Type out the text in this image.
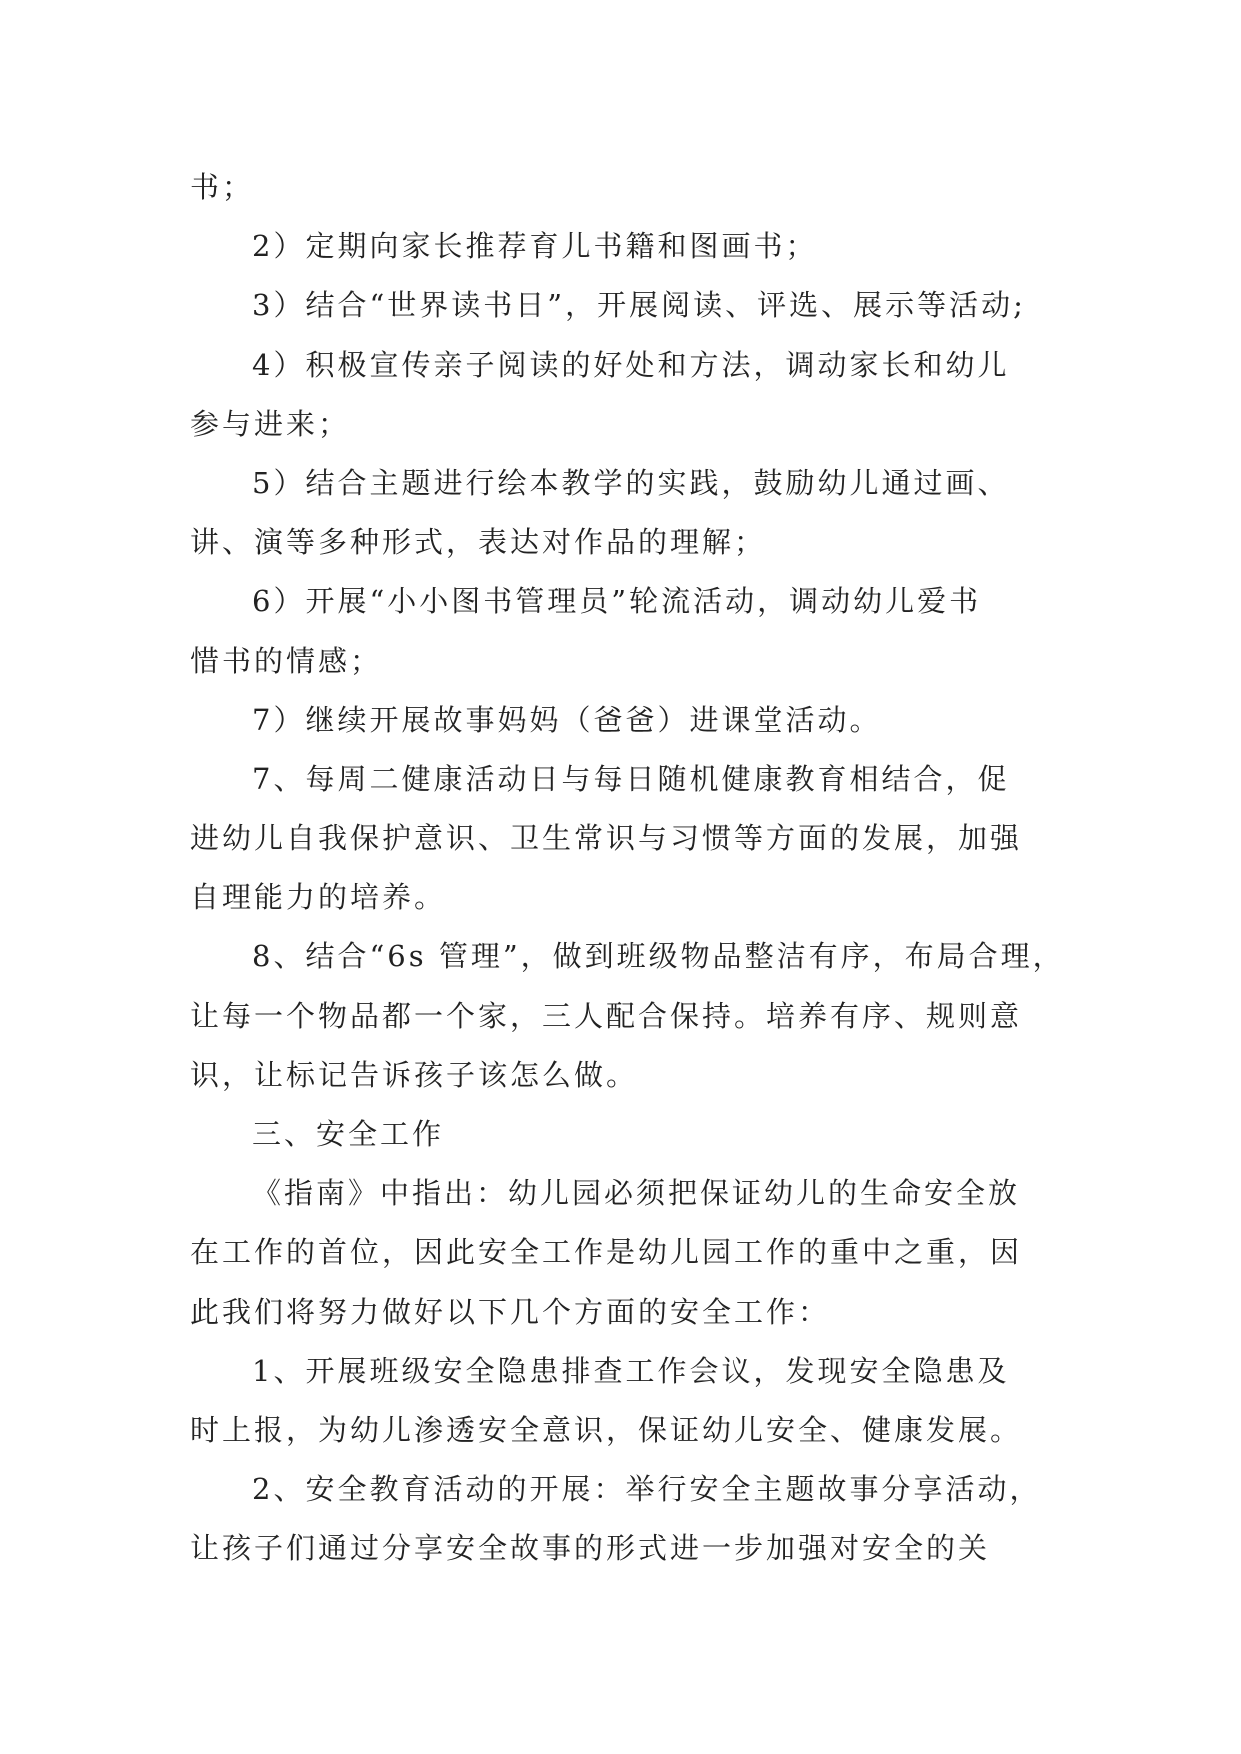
书；
2）定期向家长推荐育儿书籍和图画书；
3）结合“世界读书日”，开展阅读、评选、展示等活动;
4）积极宣传亲子阅读的好处和方法，调动家长和幼儿
参与进来；
5）结合主题进行绘本教学的实践，鼓励幼儿通过画、
讲、演等多种形式，表达对作品的理解；
6）开展“小小图书管理员”轮流活动，调动幼儿爱书
惜书的情感；
7）继续开展故事妈妈（爸爸）进课堂活动。
7、每周二健康活动日与每日随机健康教育相结合，促
进幼儿自我保护意识、卫生常识与习惯等方面的发展，加强
自理能力的培养。
8、结合“6s 管理”，做到班级物品整洁有序，布局合理，
让每一个物品都一个家，三人配合保持。培养有序、规则意
识，让标记告诉孩子该怎么做。
三、安全工作
《指南》中指出：幼儿园必须把保证幼儿的生命安全放
在工作的首位，因此安全工作是幼儿园工作的重中之重，因
此我们将努力做好以下几个方面的安全工作：
1、开展班级安全隐患排查工作会议，发现安全隐患及
时上报，为幼儿渗透安全意识，保证幼儿安全、健康发展。
2、安全教育活动的开展：举行安全主题故事分享活动，
让孩子们通过分享安全故事的形式进一步加强对安全的关
